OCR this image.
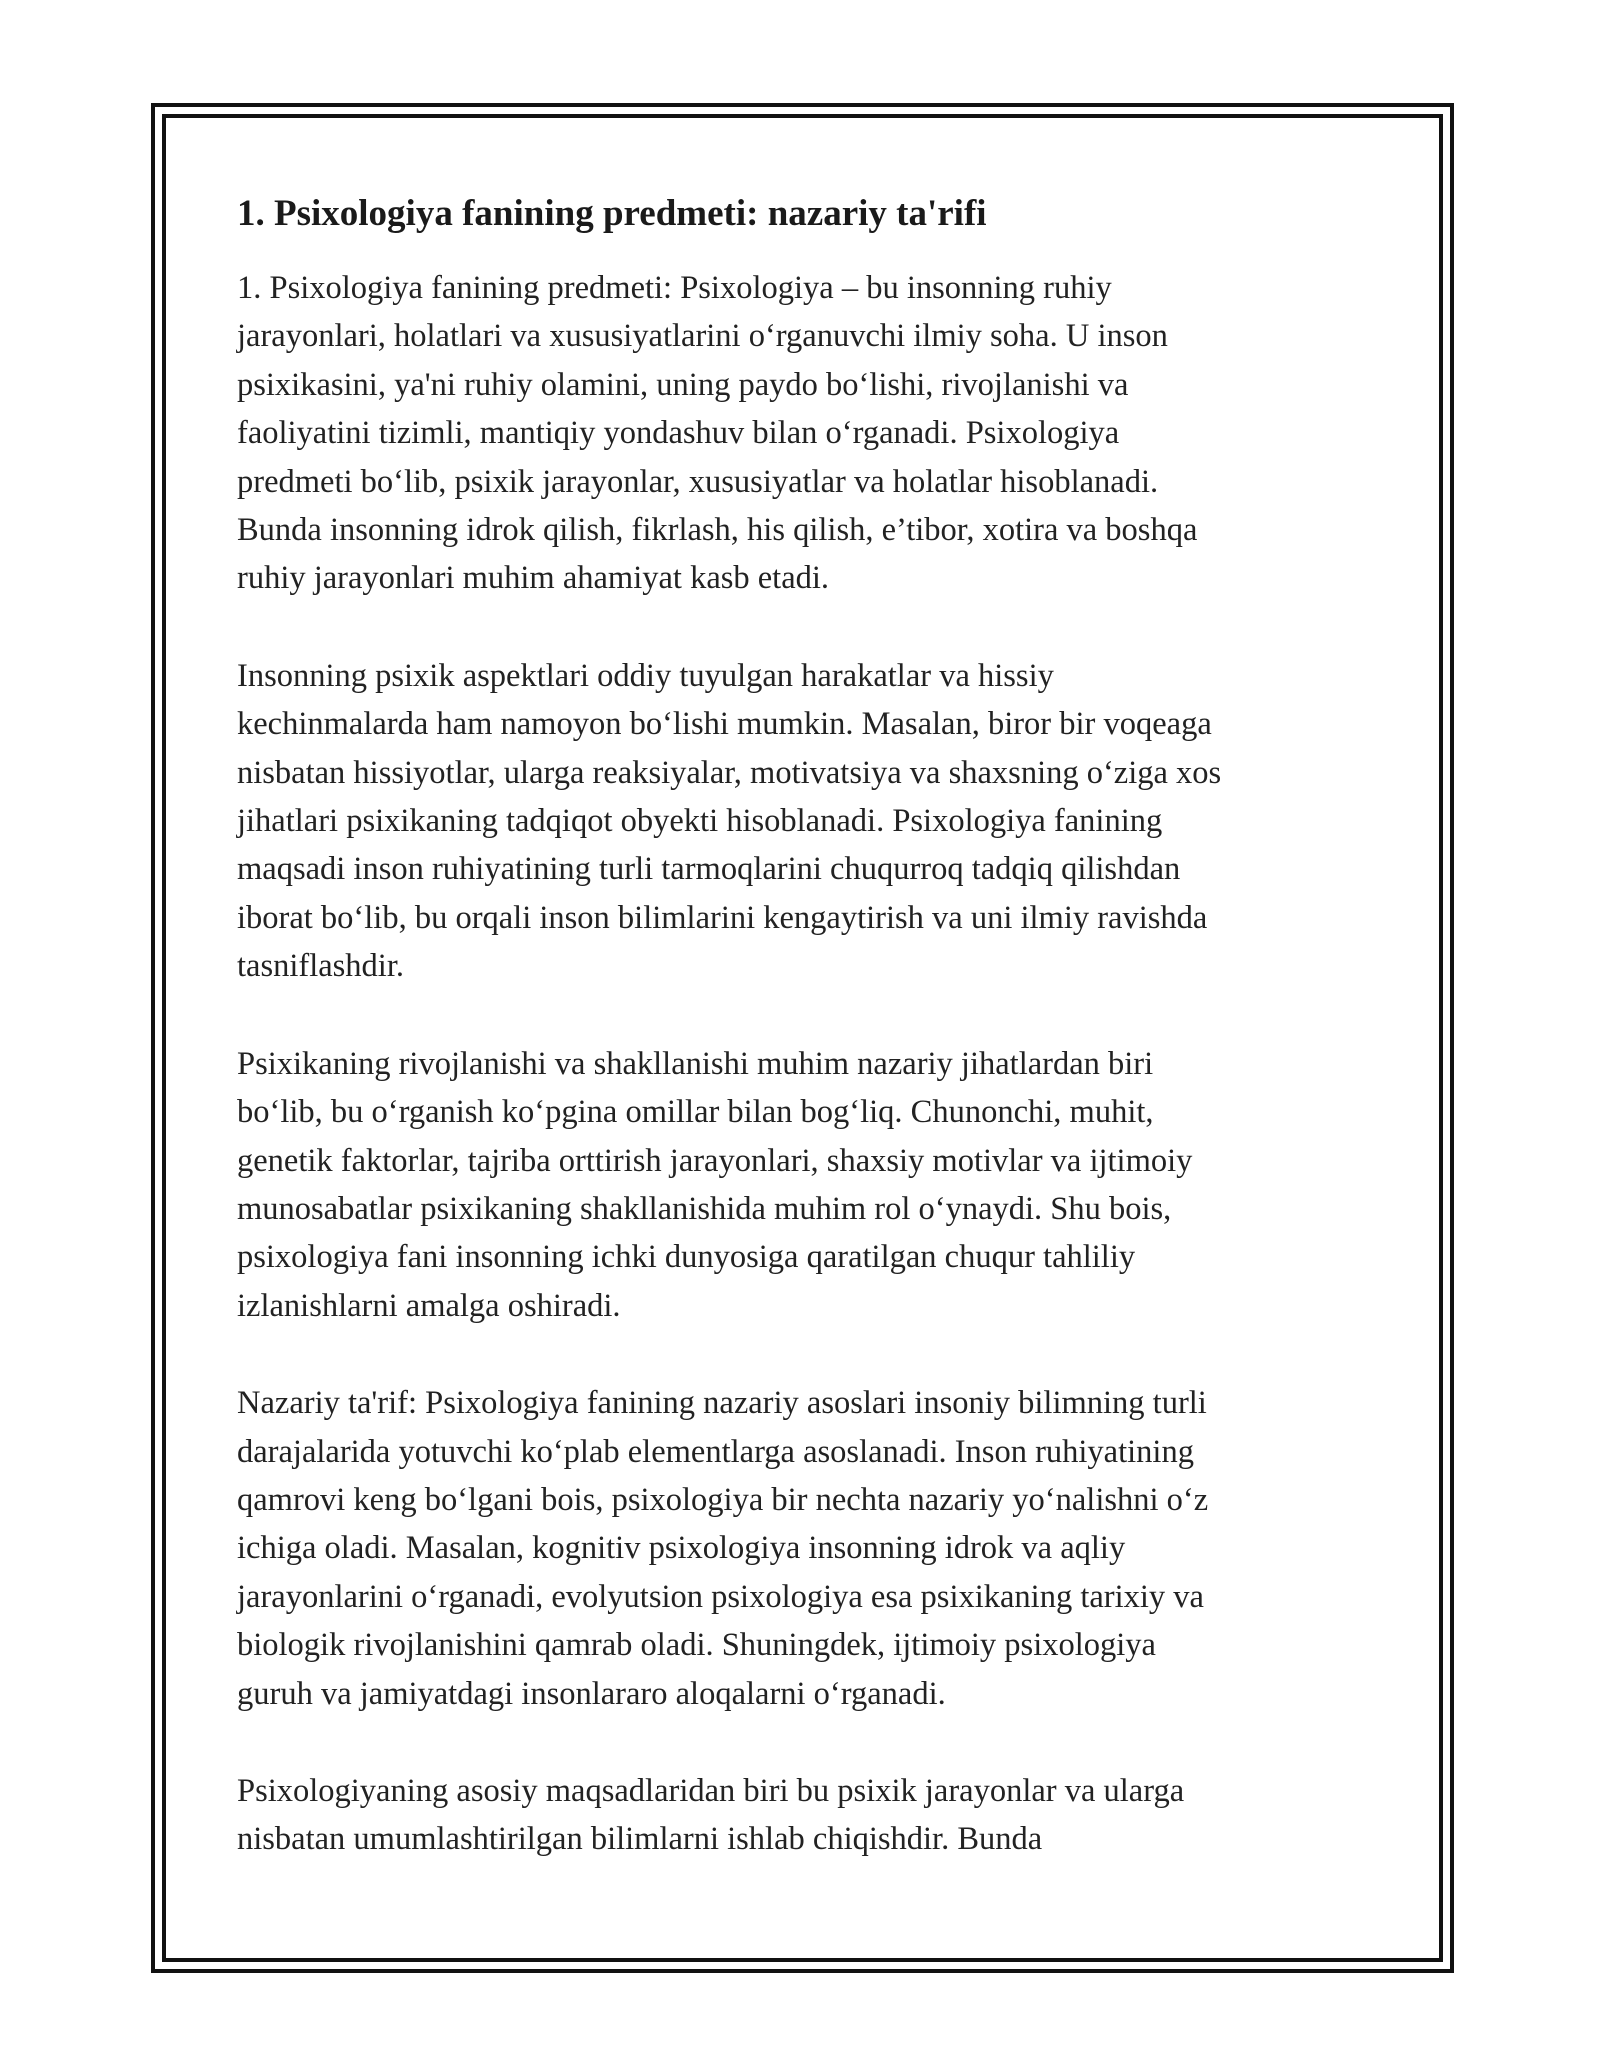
1. Psixologiya fanining predmeti: nazariy ta'rifi

1. Psixologiya fanining predmeti: Psixologiya – bu insonning ruhiy
jarayonlari, holatlari va xususiyatlarini o‘rganuvchi ilmiy soha. U inson
psixikasini, ya'ni ruhiy olamini, uning paydo bo‘lishi, rivojlanishi va
faoliyatini tizimli, mantiqiy yondashuv bilan o‘rganadi. Psixologiya
predmeti bo‘lib, psixik jarayonlar, xususiyatlar va holatlar hisoblanadi.
Bunda insonning idrok qilish, fikrlash, his qilish, e’tibor, xotira va boshqa
ruhiy jarayonlari muhim ahamiyat kasb etadi.

Insonning psixik aspektlari oddiy tuyulgan harakatlar va hissiy
kechinmalarda ham namoyon bo‘lishi mumkin. Masalan, biror bir voqeaga
nisbatan hissiyotlar, ularga reaksiyalar, motivatsiya va shaxsning o‘ziga xos
jihatlari psixikaning tadqiqot obyekti hisoblanadi. Psixologiya fanining
maqsadi inson ruhiyatining turli tarmoqlarini chuqurroq tadqiq qilishdan
iborat bo‘lib, bu orqali inson bilimlarini kengaytirish va uni ilmiy ravishda
tasniflashdir.

Psixikaning rivojlanishi va shakllanishi muhim nazariy jihatlardan biri
bo‘lib, bu o‘rganish ko‘pgina omillar bilan bog‘liq. Chunonchi, muhit,
genetik faktorlar, tajriba orttirish jarayonlari, shaxsiy motivlar va ijtimoiy
munosabatlar psixikaning shakllanishida muhim rol o‘ynaydi. Shu bois,
psixologiya fani insonning ichki dunyosiga qaratilgan chuqur tahliliy
izlanishlarni amalga oshiradi.

Nazariy ta'rif: Psixologiya fanining nazariy asoslari insoniy bilimning turli
darajalarida yotuvchi ko‘plab elementlarga asoslanadi. Inson ruhiyatining
qamrovi keng bo‘lgani bois, psixologiya bir nechta nazariy yo‘nalishni o‘z
ichiga oladi. Masalan, kognitiv psixologiya insonning idrok va aqliy
jarayonlarini o‘rganadi, evolyutsion psixologiya esa psixikaning tarixiy va
biologik rivojlanishini qamrab oladi. Shuningdek, ijtimoiy psixologiya
guruh va jamiyatdagi insonlararo aloqalarni o‘rganadi.

Psixologiyaning asosiy maqsadlaridan biri bu psixik jarayonlar va ularga
nisbatan umumlashtirilgan bilimlarni ishlab chiqishdir. Bunda
